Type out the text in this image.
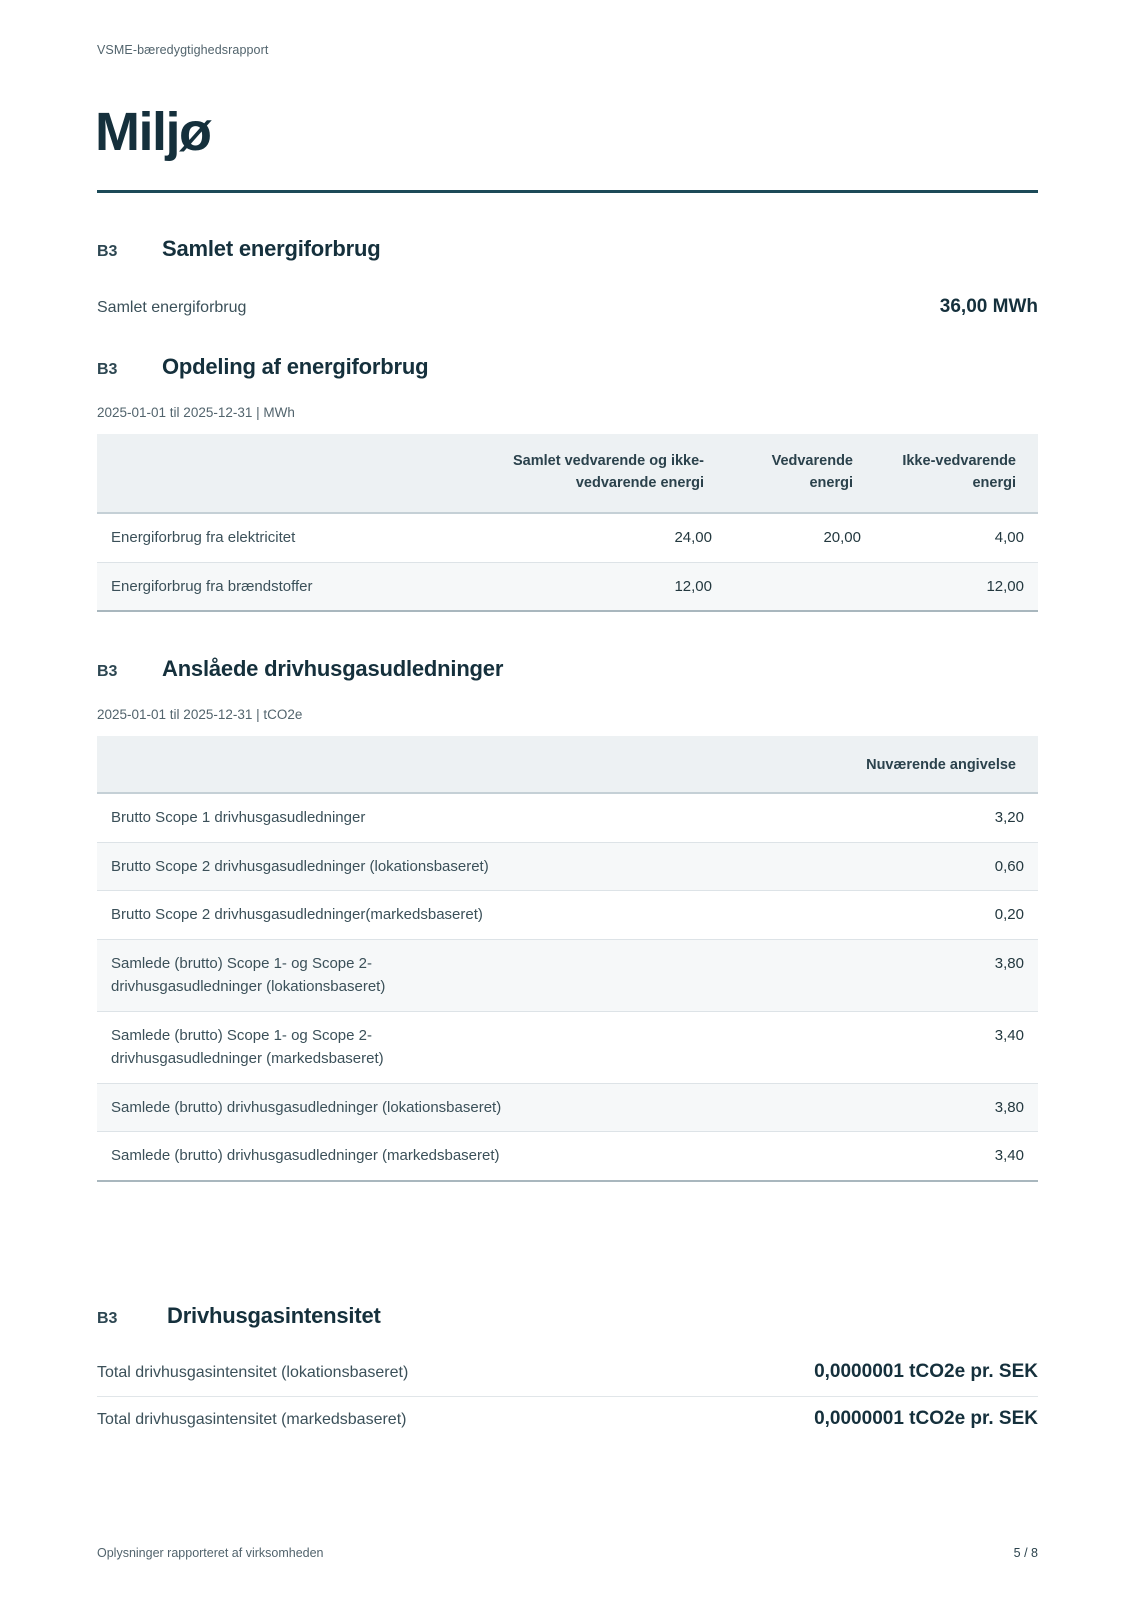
VSME-bæredygtighedsrapport
Miljø
B3 Samlet energiforbrug
Samlet energiforbrug	36,00 MWh
B3 Opdeling af energiforbrug
2025-01-01 til 2025-12-31 | MWh
	Samlet vedvarende og ikke-vedvarende energi	Vedvarende energi	Ikke-vedvarende energi
Energiforbrug fra elektricitet	24,00	20,00	4,00
Energiforbrug fra brændstoffer	12,00		12,00
B3 Anslåede drivhusgasudledninger
2025-01-01 til 2025-12-31 | tCO2e
	Nuværende angivelse
Brutto Scope 1 drivhusgasudledninger	3,20
Brutto Scope 2 drivhusgasudledninger (lokationsbaseret)	0,60
Brutto Scope 2 drivhusgasudledninger(markedsbaseret)	0,20
Samlede (brutto) Scope 1- og Scope 2-drivhusgasudledninger (lokationsbaseret)	3,80
Samlede (brutto) Scope 1- og Scope 2-drivhusgasudledninger (markedsbaseret)	3,40
Samlede (brutto) drivhusgasudledninger (lokationsbaseret)	3,80
Samlede (brutto) drivhusgasudledninger (markedsbaseret)	3,40
B3 Drivhusgasintensitet
Total drivhusgasintensitet (lokationsbaseret)	0,0000001 tCO2e pr. SEK
Total drivhusgasintensitet (markedsbaseret)	0,0000001 tCO2e pr. SEK
Oplysninger rapporteret af virksomheden	5 / 8
